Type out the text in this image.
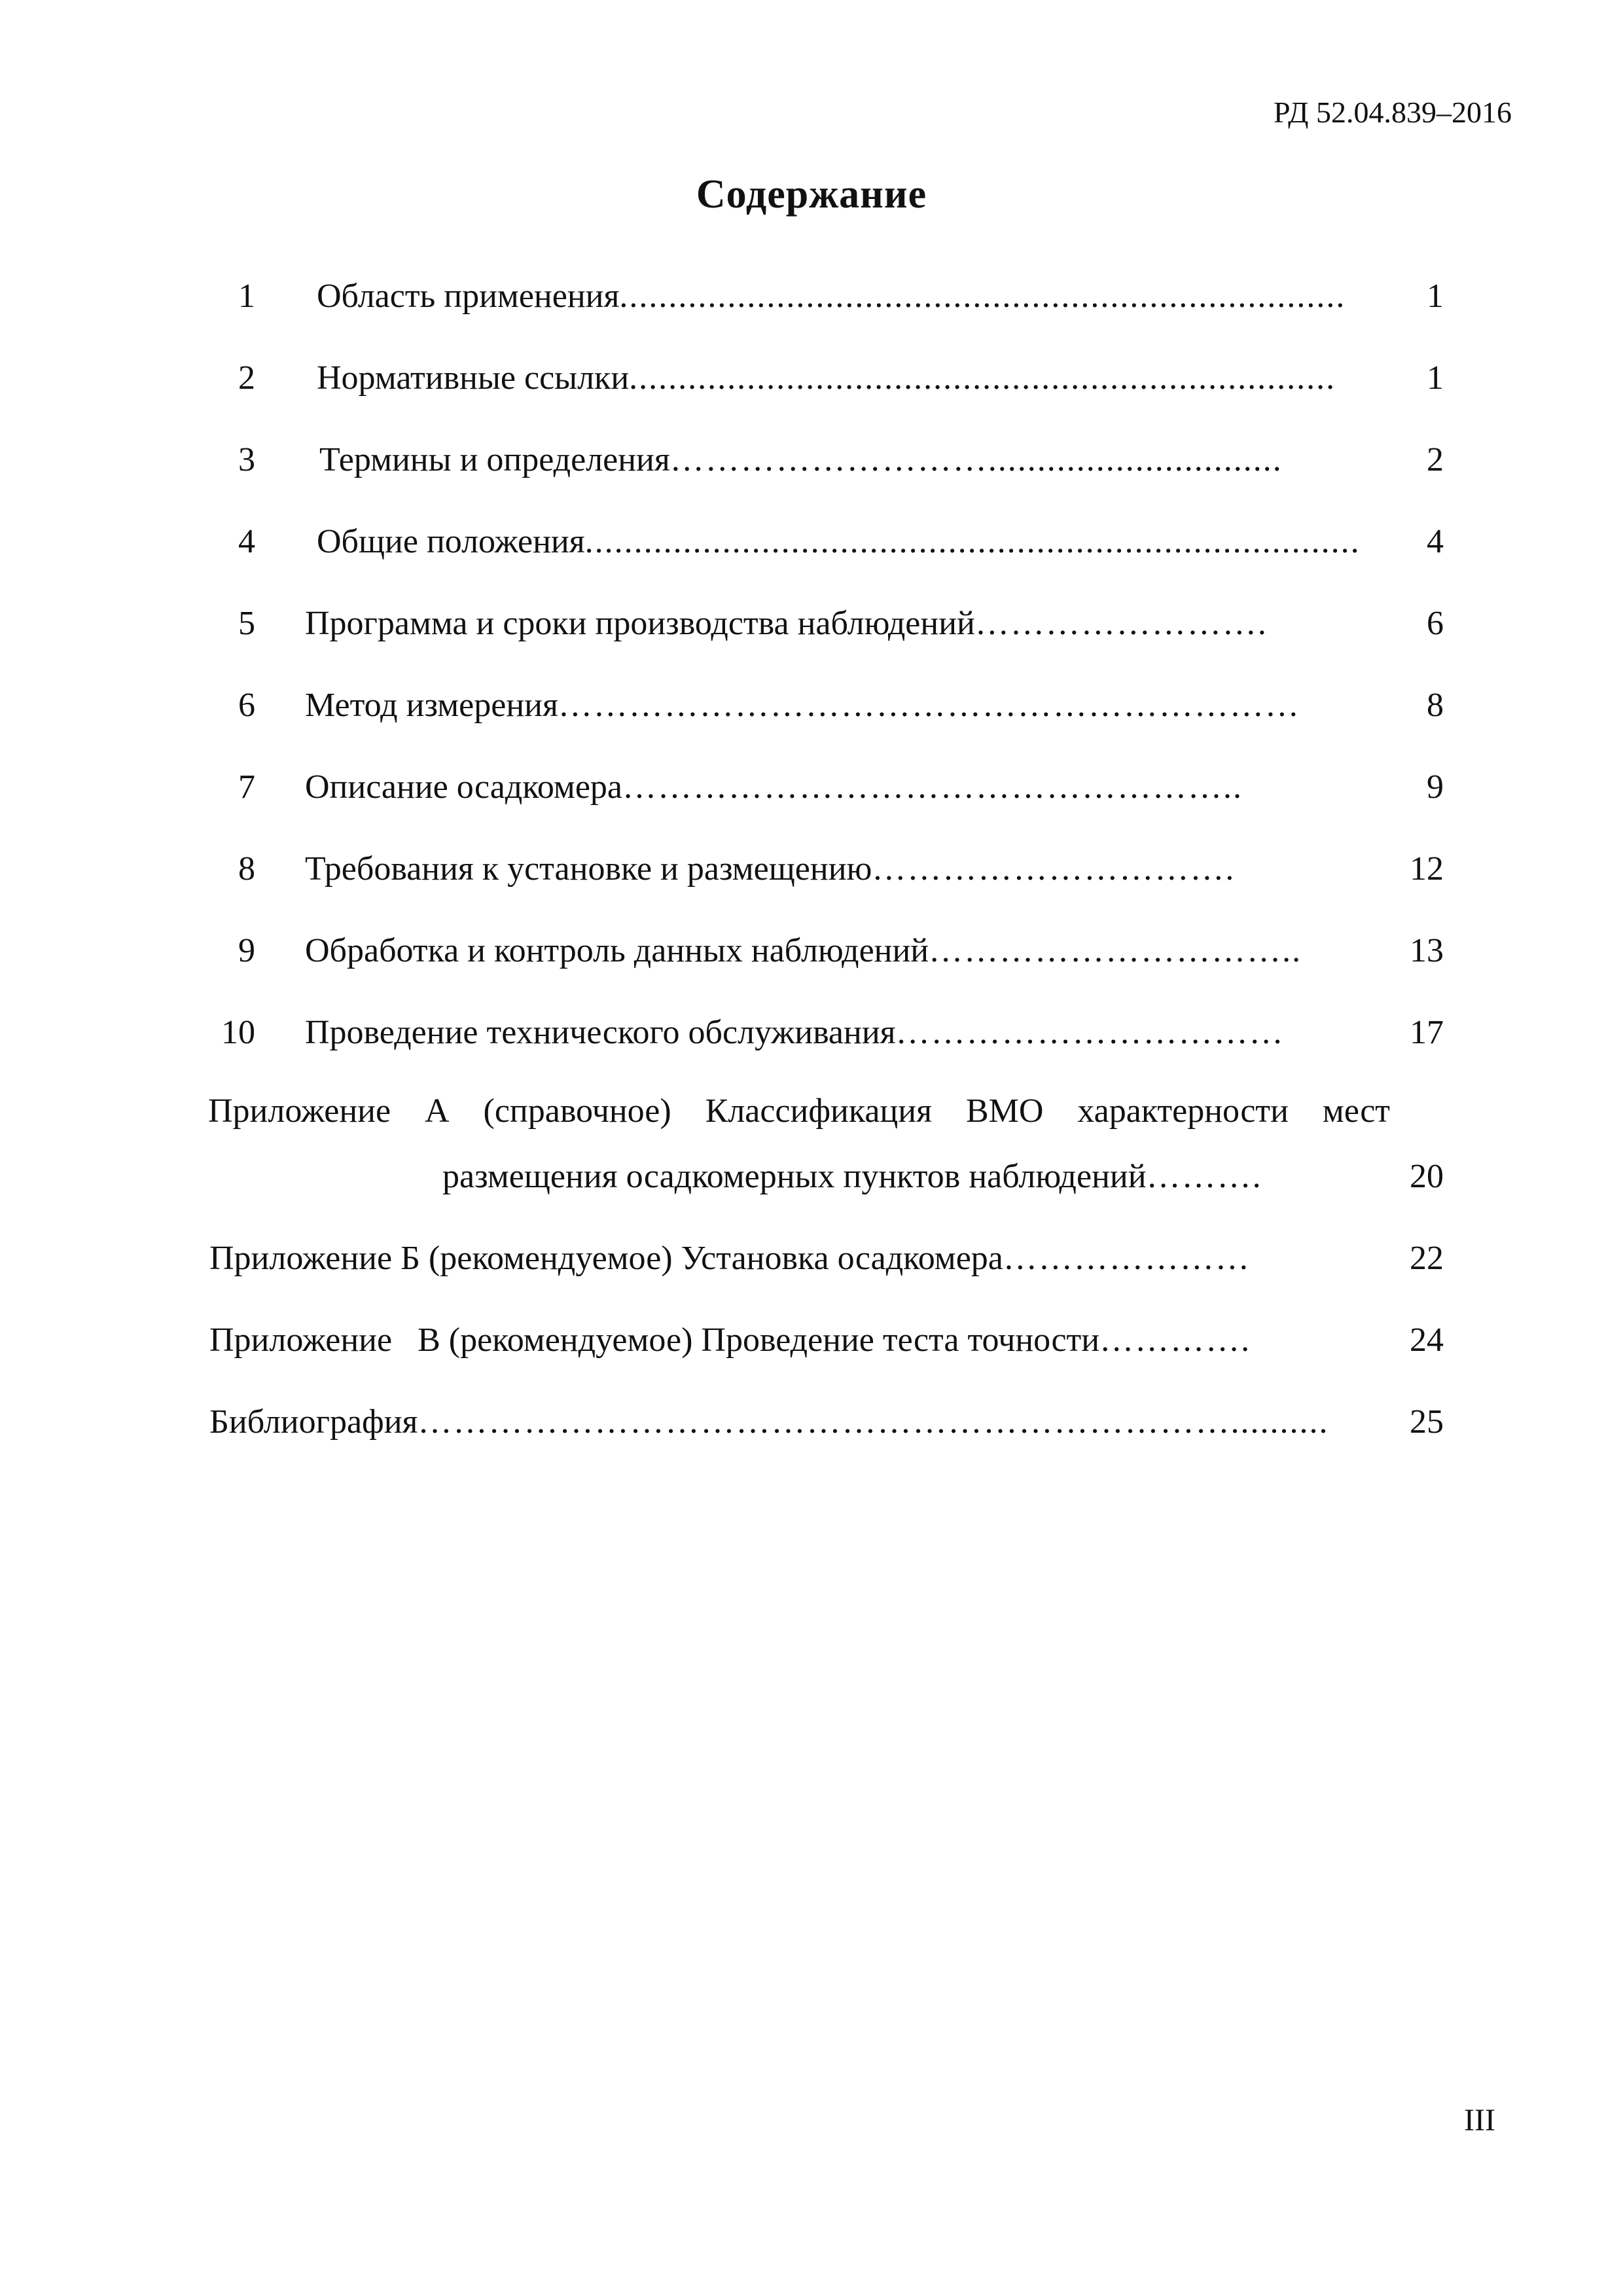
РД 52.04.839–2016
Содержание
1 Область применения ..........................................................................	1
2 Нормативные ссылки ........................................................................	1
3 Термины и определения ………………………..............................	2
4 Общие положения ...............................................................................	4
5 Программа и сроки производства наблюдений …………………….	6
6 Метод измерения ………………………………………………………	8
7 Описание осадкомера ……………………………………………..	9
8 Требования к установке и размещению ………………………….	12
9 Обработка и контроль данных наблюдений …………………………..	13
10 Проведение технического обслуживания ……………………………	17
Приложение А (справочное) Классификация ВМО характерности мест
размещения осадкомерных пунктов наблюдений ……….	20
Приложение Б (рекомендуемое) Установка осадкомера …………………	22
Приложение   В (рекомендуемое) Проведение теста точности ………….	24
Библиография ……………………………………………………………..........	25
III
